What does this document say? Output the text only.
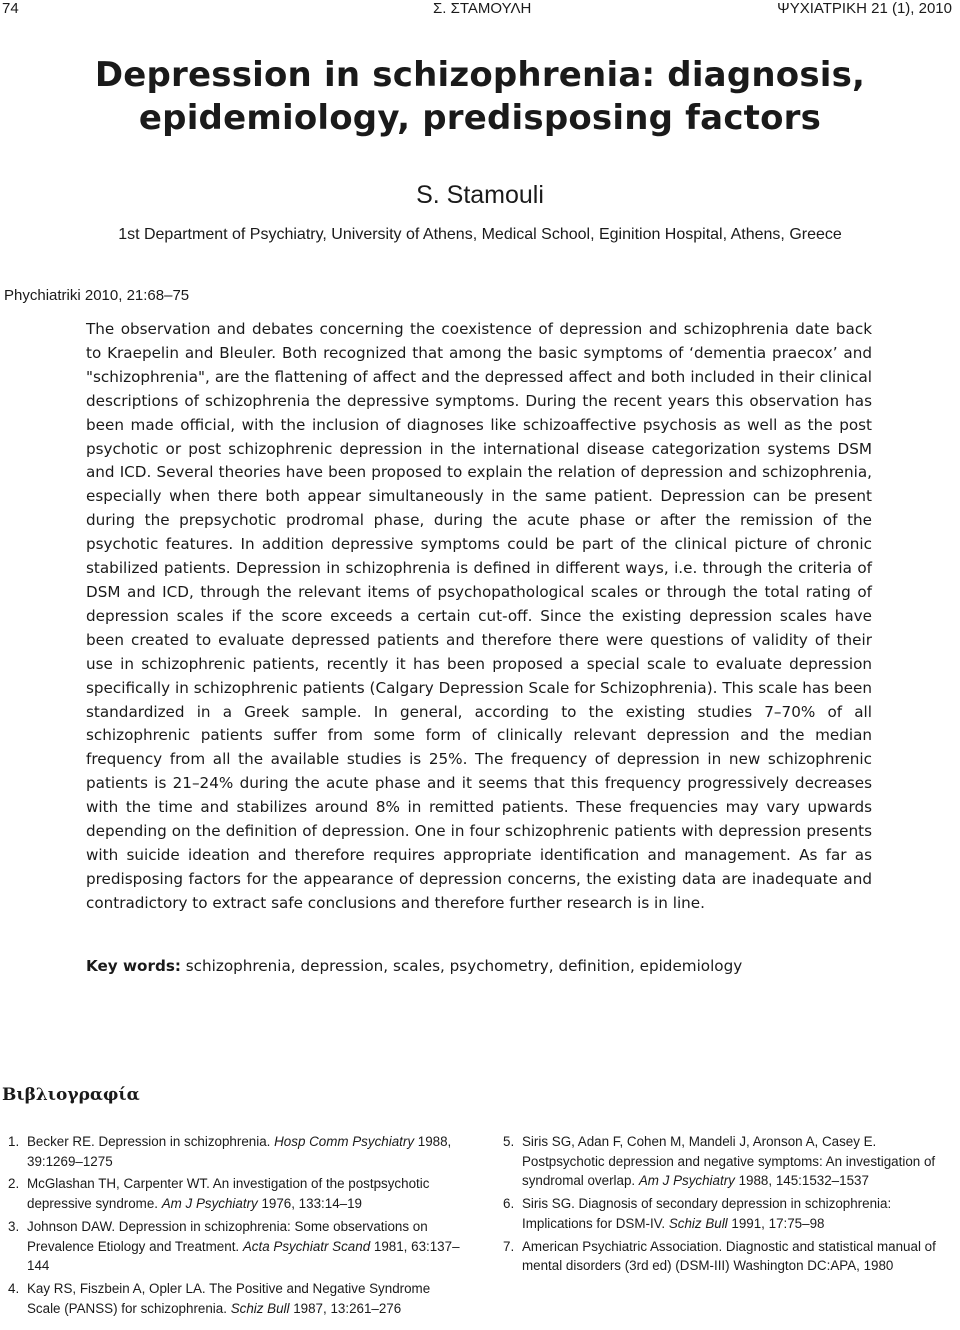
74	Σ. ΣΤΑΜΟΥΛΗ	ΨΥΧΙΑΤΡΙΚΗ 21 (1), 2010
Depression in schizophrenia: diagnosis,
epidemiology, predisposing factors
S. Stamouli
1st Department of Psychiatry, University of Athens, Medical School, Eginition Hospital, Athens, Greece
Phychiatriki 2010, 21:68–75

The observation and debates concerning the coexistence of depression and schizophrenia date back to Kraepelin and Bleuler. Both recognized that among the basic symptoms of ‘dementia praecox’ and "schizophrenia", are the flattening of affect and the depressed affect and both included in their clinical descriptions of schizophrenia the depressive symptoms. During the recent years this observation has been made official, with the inclusion of diagnoses like schizoaffective psychosis as well as the post psychotic or post schizophrenic depression in the international disease categorization systems DSM and ICD. Several theories have been proposed to explain the relation of depression and schizophrenia, especially when there both appear simultaneously in the same patient. Depression can be present during the prepsychotic prodromal phase, during the acute phase or after the remission of the psychotic features. In addition depressive symptoms could be part of the clinical picture of chronic stabilized patients. Depression in schizophrenia is defined in different ways, i.e. through the criteria of DSM and ICD, through the relevant items of psychopathological scales or through the total rating of depression scales if the score exceeds a certain cut-off. Since the existing depression scales have been created to evaluate depressed patients and therefore there were questions of validity of their use in schizophrenic patients, recently it has been proposed a special scale to evaluate depression specifically in schizophrenic patients (Calgary Depression Scale for Schizophrenia). This scale has been standardized in a Greek sample. In general, according to the existing studies 7–70% of all schizophrenic patients suffer from some form of clinically relevant depression and the median frequency from all the available studies is 25%. The frequency of depression in new schizophrenic patients is 21–24% during the acute phase and it seems that this frequency progressively decreases with the time and stabilizes around 8% in remitted patients. These frequencies may vary upwards depending on the definition of depression. One in four schizophrenic patients with depression presents with suicide ideation and therefore requires appropriate identification and management. As far as predisposing factors for the appearance of depression concerns, the existing data are inadequate and contradictory to extract safe conclusions and therefore further research is in line.

Key words: schizophrenia, depression, scales, psychometry, definition, epidemiology
Βιβλιογραφία
1. Becker RE. Depression in schizophrenia. Hosp Comm Psychiatry 1988, 39:1269–1275
2. McGlashan TH, Carpenter WT. An investigation of the postpsychotic depressive syndrome. Am J Psychiatry 1976, 133:14–19
3. Johnson DAW. Depression in schizophrenia: Some observations on Prevalence Etiology and Treatment. Acta Psychiatr Scand 1981, 63:137–144
4. Kay RS, Fiszbein A, Opler LA. The Positive and Negative Syndrome Scale (PANSS) for schizophrenia. Schiz Bull 1987, 13:261–276
5. Siris SG, Adan F, Cohen M, Mandeli J, Aronson A, Casey E. Postpsychotic depression and negative symptoms: An investigation of syndromal overlap. Am J Psychiatry 1988, 145:1532–1537
6. Siris SG. Diagnosis of secondary depression in schizophrenia: Implications for DSM-IV. Schiz Bull 1991, 17:75–98
7. American Psychiatric Association. Diagnostic and statistical manual of mental disorders (3rd ed) (DSM-III) Washington DC:APA, 1980
